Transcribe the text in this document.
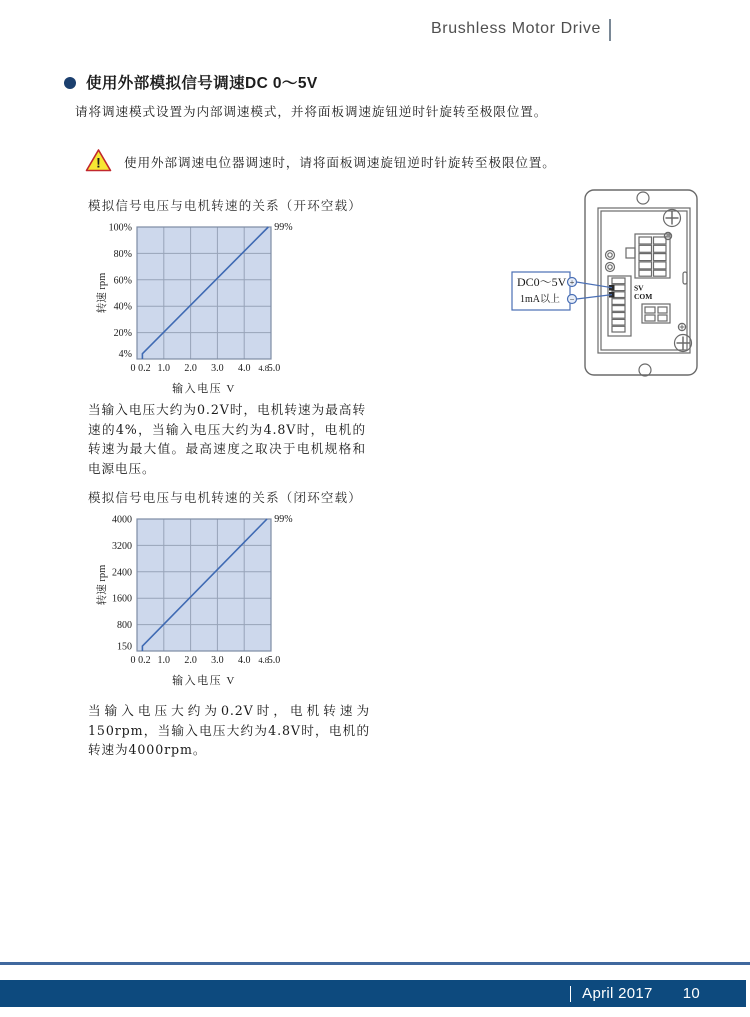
Brushless Motor Drive
使用外部模拟信号调速DC 0～5V
请将调速模式设置为内部调速模式，并将面板调速旋钮逆时针旋转至极限位置。
! 使用外部调速电位器调速时，请将面板调速旋钮逆时针旋转至极限位置。
模拟信号电压与电机转速的关系（开环空载）
0 0.2 1.0 2.0 3.0 4.0 4.8
5.0
100%
80%
60%
40%
20%
4%
99%
输入电压 V
转速 rpm	DC0～5V
1mA以上
+
−
SV
COM
当输入电压大约为0.2V时，电机转速为最高转速的4%，当输入电压大约为4.8V时，电机的转速为最大值。最高速度之取决于电机规格和电源电压。
模拟信号电压与电机转速的关系（闭环空载）
0 0.2 1.0 2.0 3.0 4.0 4.8
5.0
4000
3200
2400
1600
800
150
99%
输入电压 V
转速 rpm
当输入电压大约为0.2V时，电机转速为150rpm，当输入电压大约为4.8V时，电机的转速为4000rpm。
April 2017 10
